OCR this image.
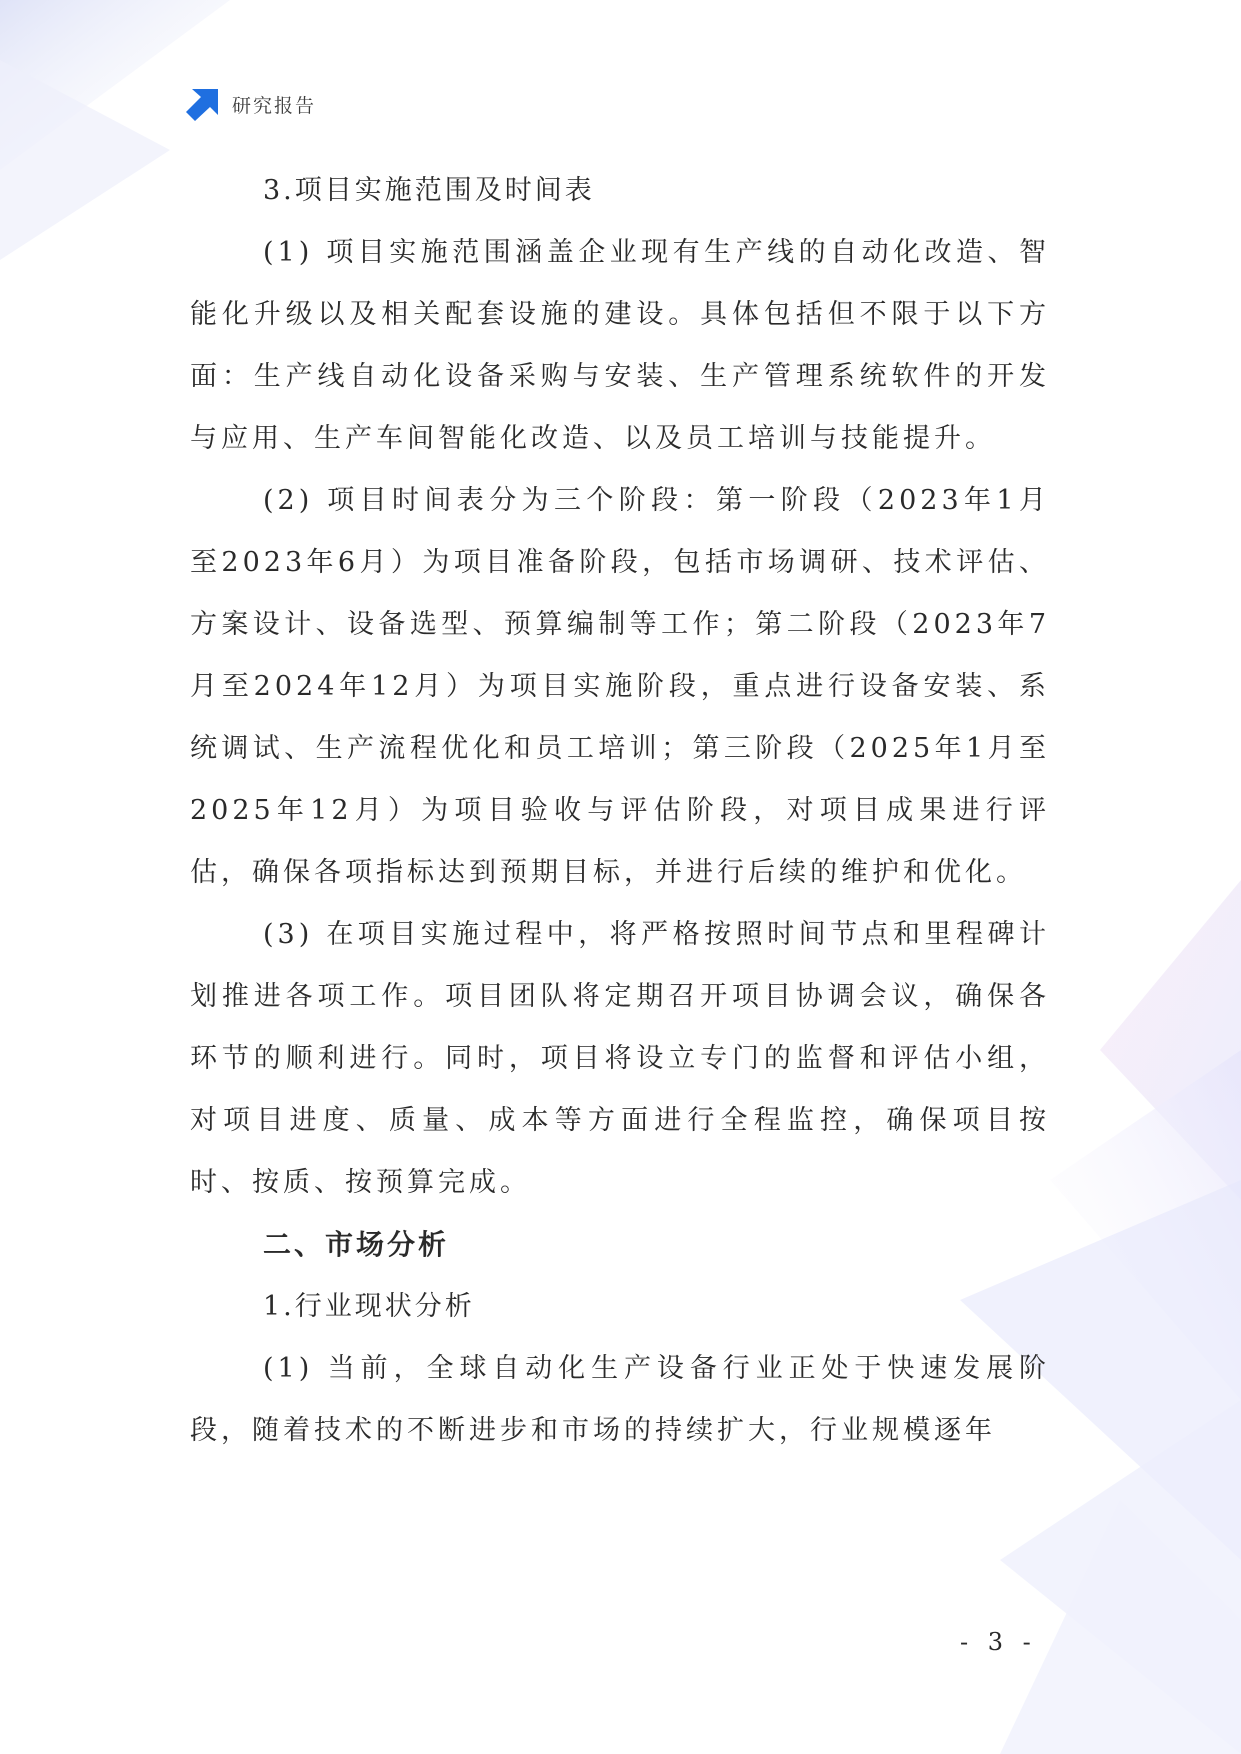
研究报告
3.项目实施范围及时间表

(1) 项目实施范围涵盖企业现有生产线的自动化改造、智能化升级以及相关配套设施的建设。具体包括但不限于以下方面：生产线自动化设备采购与安装、生产管理系统软件的开发与应用、生产车间智能化改造、以及员工培训与技能提升。

(2) 项目时间表分为三个阶段：第一阶段（2023年1月至2023年6月）为项目准备阶段，包括市场调研、技术评估、方案设计、设备选型、预算编制等工作；第二阶段（2023年7月至2024年12月）为项目实施阶段，重点进行设备安装、系统调试、生产流程优化和员工培训；第三阶段（2025年1月至2025年12月）为项目验收与评估阶段，对项目成果进行评估，确保各项指标达到预期目标，并进行后续的维护和优化。

(3) 在项目实施过程中，将严格按照时间节点和里程碑计划推进各项工作。项目团队将定期召开项目协调会议，确保各环节的顺利进行。同时，项目将设立专门的监督和评估小组，对项目进度、质量、成本等方面进行全程监控，确保项目按时、按质、按预算完成。

二、市场分析
1.行业现状分析

(1) 当前，全球自动化生产设备行业正处于快速发展阶段，随着技术的不断进步和市场的持续扩大，行业规模逐年

- 3 -
